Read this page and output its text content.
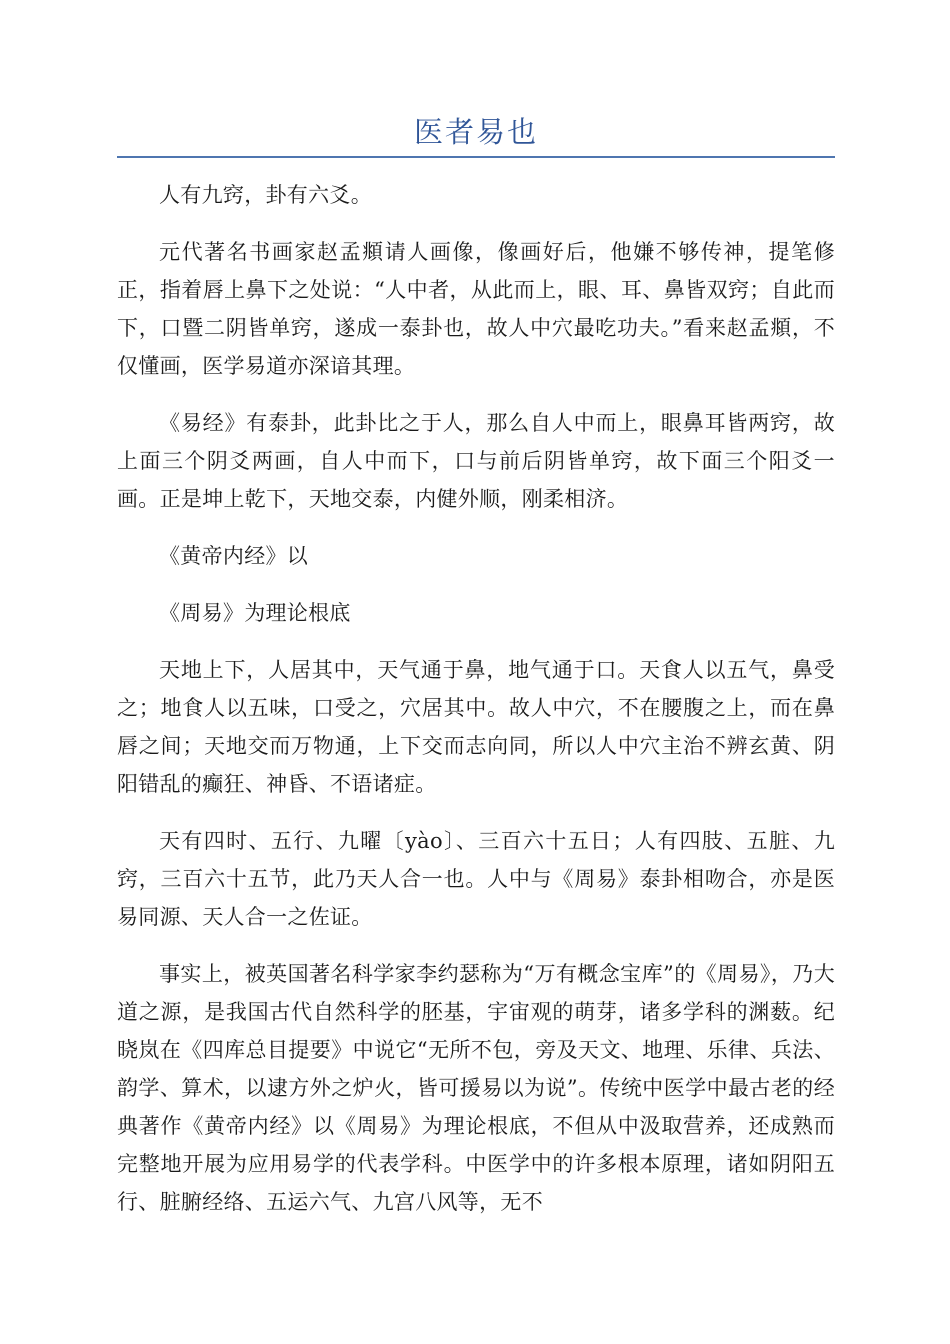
医者易也

人有九窍，卦有六爻。

元代著名书画家赵孟頫请人画像，像画好后，他嫌不够传神，提笔修正，指着唇上鼻下之处说：“人中者，从此而上，眼、耳、鼻皆双窍；自此而下，口暨二阴皆单窍，遂成一泰卦也，故人中穴最吃功夫。”看来赵孟頫，不仅懂画，医学易道亦深谙其理。

《易经》有泰卦，此卦比之于人，那么自人中而上，眼鼻耳皆两窍，故上面三个阴爻两画，自人中而下，口与前后阴皆单窍，故下面三个阳爻一画。正是坤上乾下，天地交泰，内健外顺，刚柔相济。

《黄帝内经》以

《周易》为理论根底

天地上下，人居其中，天气通于鼻，地气通于口。天食人以五气，鼻受之；地食人以五味，口受之，穴居其中。故人中穴，不在腰腹之上，而在鼻唇之间；天地交而万物通，上下交而志向同，所以人中穴主治不辨玄黄、阴阳错乱的癫狂、神昏、不语诸症。

天有四时、五行、九曜〔yào〕、三百六十五日；人有四肢、五脏、九窍，三百六十五节，此乃天人合一也。人中与《周易》泰卦相吻合，亦是医易同源、天人合一之佐证。

事实上，被英国著名科学家李约瑟称为“万有概念宝库”的《周易》，乃大道之源，是我国古代自然科学的胚基，宇宙观的萌芽，诸多学科的渊薮。纪晓岚在《四库总目提要》中说它“无所不包，旁及天文、地理、乐律、兵法、韵学、算术，以逮方外之炉火，皆可援易以为说”。传统中医学中最古老的经典著作《黄帝内经》以《周易》为理论根底，不但从中汲取营养，还成熟而完整地开展为应用易学的代表学科。中医学中的许多根本原理，诸如阴阳五行、脏腑经络、五运六气、九宫八风等，无不
